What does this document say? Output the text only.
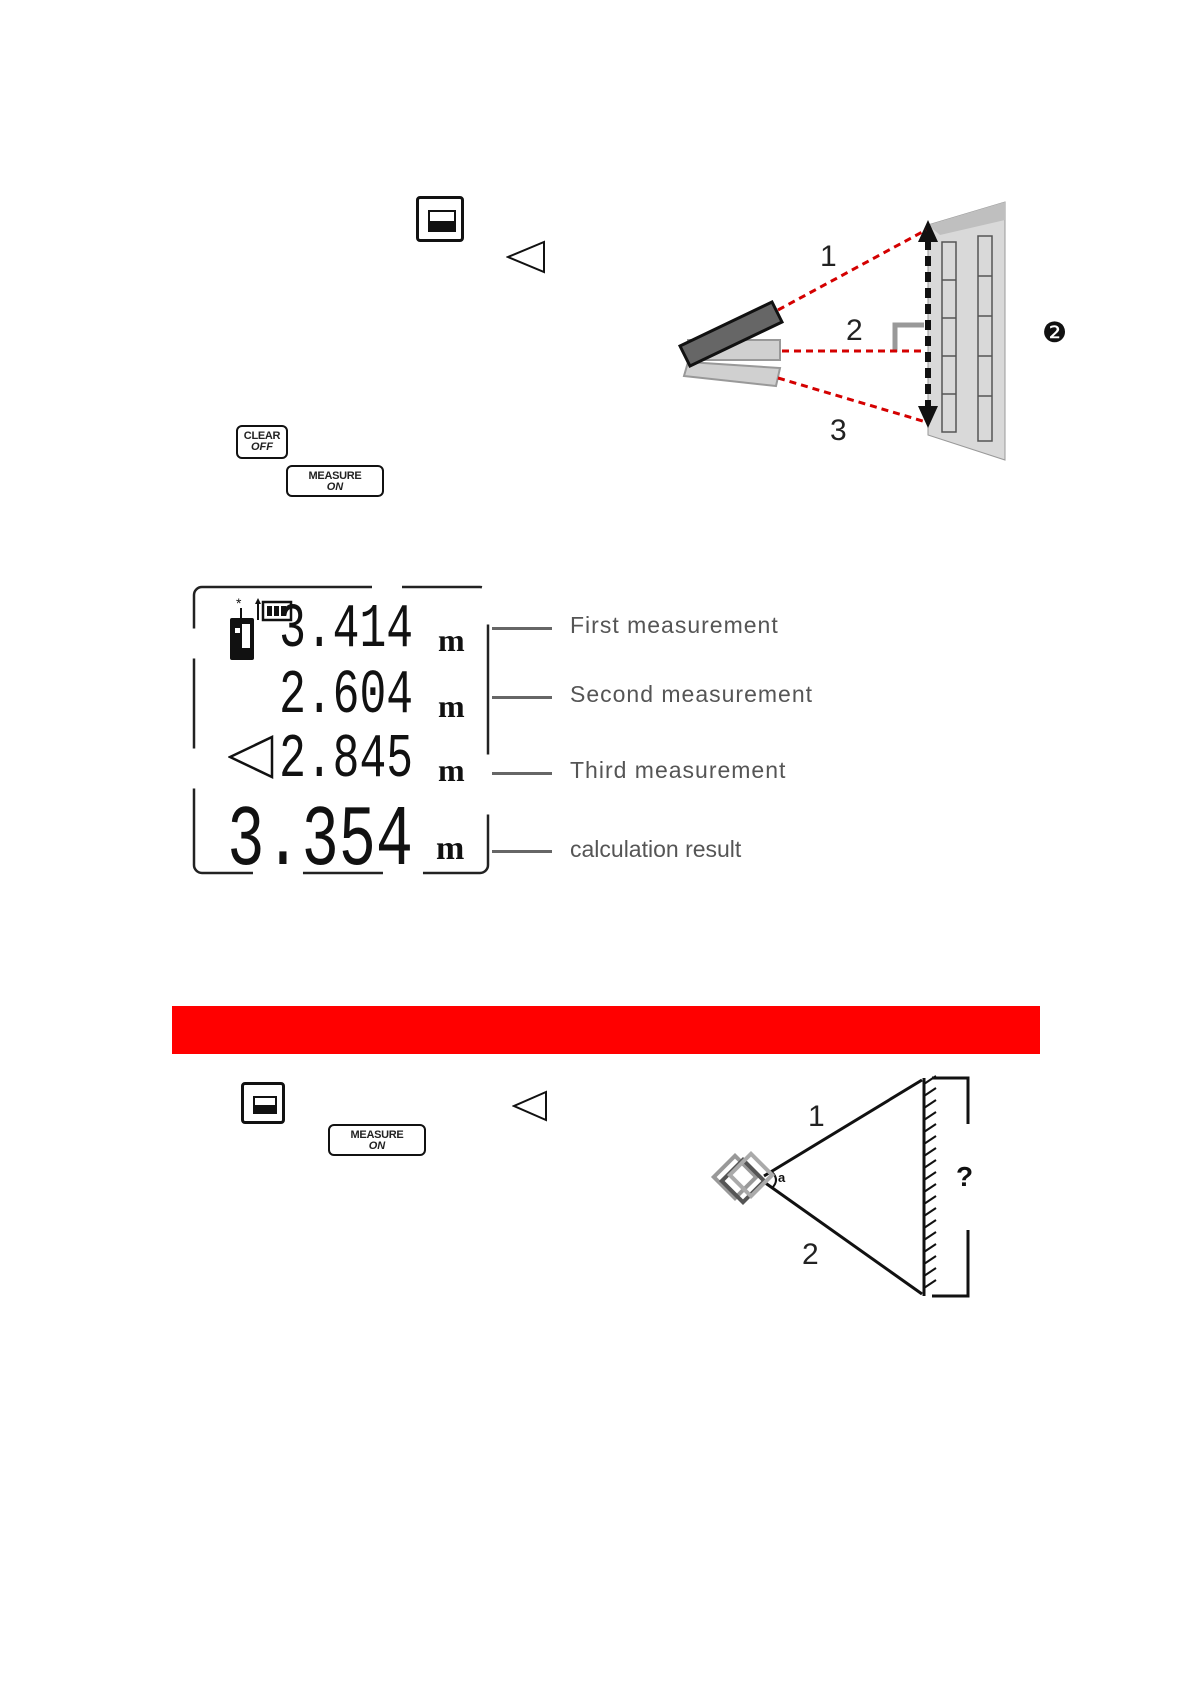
CLEAR
OFF
MEASURE
ON
1
2
3
❷
* 3.414 m
2.604 m
2.845 m
3.354 m
First measurement
Second measurement
Third measurement
calculation result
MEASURE
ON
1
2
a	?
